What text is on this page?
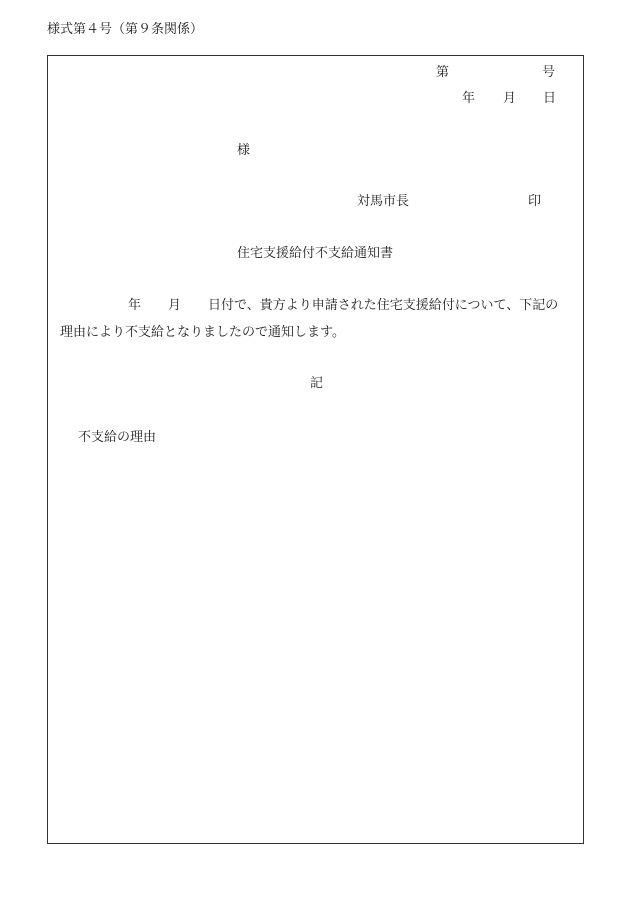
様式第４号（第９条関係）
第	号
年 月 日
様
対馬市長	印
住宅支援給付不支給通知書
年 月 日付で、貴方より申請された住宅支援給付について、下記の
理由により不支給となりましたので通知します。
記
不支給の理由
